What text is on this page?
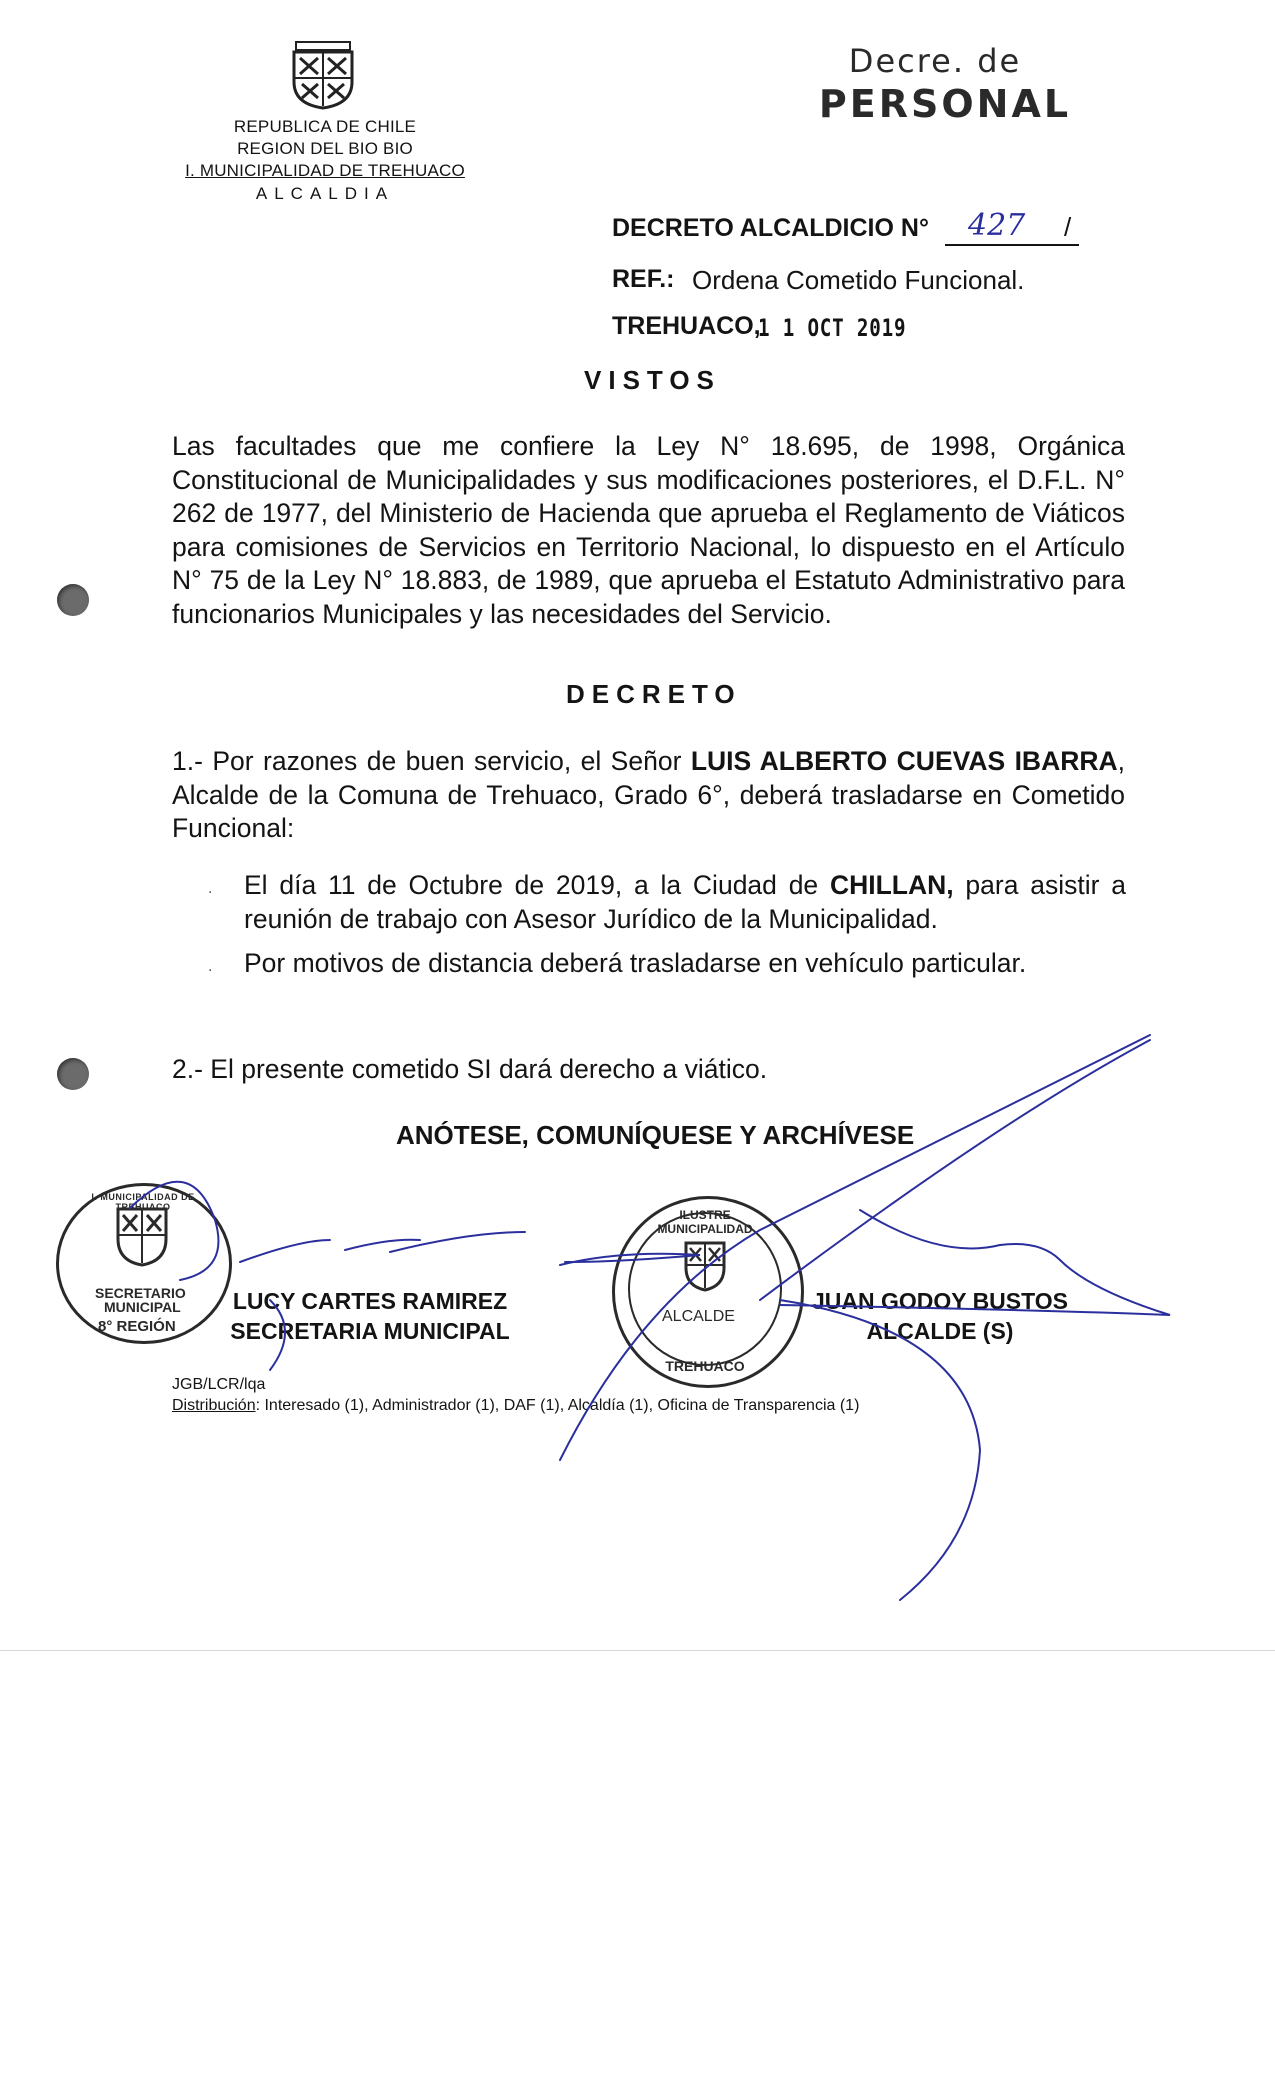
REPUBLICA DE CHILE
REGION DEL BIO BIO
I. MUNICIPALIDAD DE TREHUACO
ALCALDIA
Decre. de
PERSONAL
DECRETO ALCALDICIO N° 427 /
REF.: Ordena Cometido Funcional.
TREHUACO,
1 1 OCT 2019
VISTOS
Las facultades que me confiere la Ley N° 18.695, de 1998, Orgánica Constitucional de Municipalidades y sus modificaciones posteriores, el D.F.L. N° 262 de 1977, del Ministerio de Hacienda que aprueba el Reglamento de Viáticos para comisiones de Servicios en Territorio Nacional, lo dispuesto en el Artículo N° 75 de la Ley N° 18.883, de 1989, que aprueba el Estatuto Administrativo para funcionarios Municipales y las necesidades del Servicio.
DECRETO
1.- Por razones de buen servicio, el Señor LUIS ALBERTO CUEVAS IBARRA, Alcalde de la Comuna de Trehuaco, Grado 6°, deberá trasladarse en Cometido Funcional:
. El día 11 de Octubre de 2019, a la Ciudad de CHILLAN, para asistir a reunión de trabajo con Asesor Jurídico de la Municipalidad.
. Por motivos de distancia deberá trasladarse en vehículo particular.
2.- El presente cometido SI dará derecho a viático.
ANÓTESE, COMUNÍQUESE Y ARCHÍVESE
I. MUNICIPALIDAD DE TREHUACO
SECRETARIO
MUNICIPAL
8° REGIÓN
ILUSTRE MUNICIPALIDAD
ALCALDE
TREHUACO
LUCY CARTES RAMIREZ
SECRETARIA MUNICIPAL
JUAN GODOY BUSTOS
ALCALDE (S)
JGB/LCR/lqa
Distribución: Interesado (1), Administrador (1), DAF (1), Alcaldía (1), Oficina de Transparencia (1)
